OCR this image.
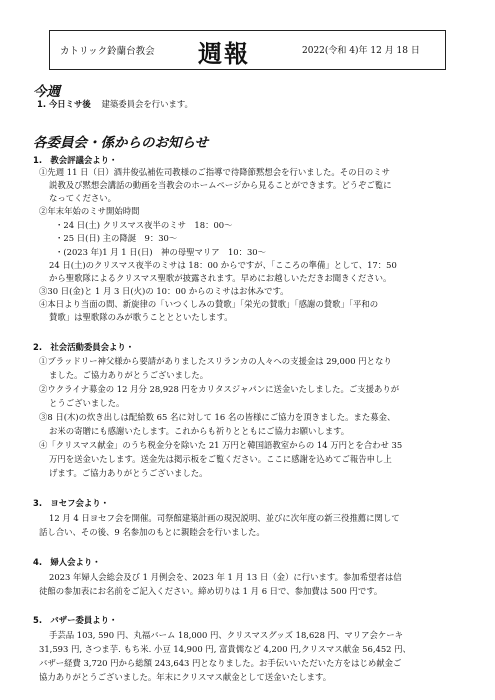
カトリック鈴蘭台教会 週報	2022(令和 4)年 12 月 18 日
今週
1. 今日ミサ後 建築委員会を行います。
各委員会・係からのお知らせ
1.　教会評議会より・
①先週 11 日（日）酒井俊弘補佐司教様のご指導で待降節黙想会を行いました。その日のミサ
説教及び黙想会講話の動画を当教会のホームページから見ることができます。どうぞご覧に
なってください。
②年末年始のミサ開始時間
・24 日(土) クリスマス夜半のミサ　18：00～
・25 日(日) 主の降誕　9：30～
・(2023 年)1 月 1 日(日)　神の母聖マリア　10：30～
24 日(土)のクリスマス夜半のミサは 18：00 からですが、「こころの準備」として、17：50
から聖歌隊によるクリスマス聖歌が披露されます。早めにお越しいただきお聞きください。
③30 日(金)と 1 月 3 日(火)の 10：00 からのミサはお休みです。
④本日より当面の間、新旋律の「いつくしみの賛歌」「栄光の賛歌」「感謝の賛歌」「平和の
賛歌」は聖歌隊のみが歌うこととといたします。
2.　社会活動委員会より・
①ブラッドリー神父様から要請がありましたスリランカの人々への支援金は 29,000 円となり
ました。ご協力ありがとうございました。
②ウクライナ募金の 12 月分 28,928 円をカリタスジャパンに送金いたしました。ご支援ありが
とうございました。
③8 日(木)の炊き出しは配給数 65 名に対して 16 名の皆様にご協力を頂きました。また募金、
お米の寄贈にも感謝いたします。これからも祈りとともにご協力お願いします。
④「クリスマス献金」のうち税金分を除いた 21 万円と韓国語教室からの 14 万円とを合わせ 35
万円を送金いたします。送金先は掲示板をご覧ください。ここに感謝を込めてご報告申し上
げます。ご協力ありがとうございました。
3.　ヨセフ会より・
12 月 4 日ヨセフ会を開催。司祭館建築計画の現況説明、並びに次年度の新三役推薦に関して
話し合い、その後、9 名参加のもとに親睦会を行いました。
4.　婦人会より・
2023 年婦人会総会及び 1 月例会を、2023 年 1 月 13 日（金）に行います。参加希望者は信
徒館の参加表にお名前をご記入ください。締め切りは 1 月 6 日で、参加費は 500 円です。
5.　バザー委員より・
手芸品 103, 590 円、丸福バーム 18,000 円、クリスマスグッズ 18,628 円、マリア会ケーキ
31,593 円, さつま芋. もち米. 小豆 14,900 円, 富貴儒など 4,200 円,クリスマス献金 56,452 円、
バザー経費 3,720 円から総額 243,643 円となりました。お手伝いいただいた方をはじめ献金ご
協力ありがとうございました。年末にクリスマス献金として送金いたします。
